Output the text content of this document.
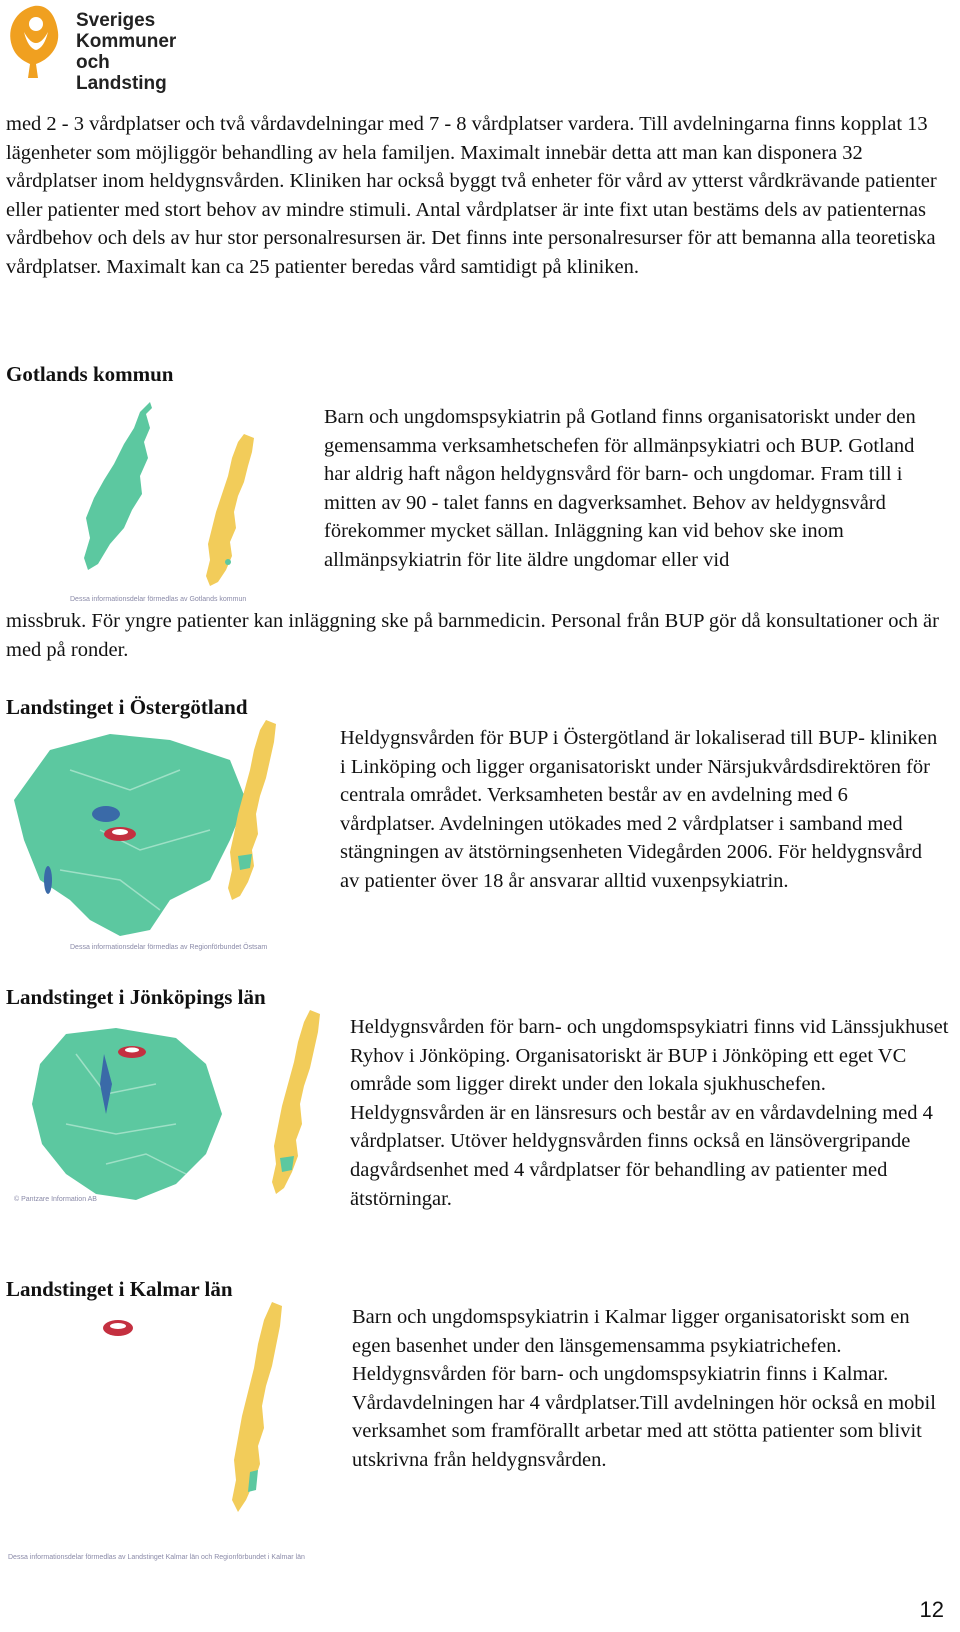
Sveriges
Kommuner
och Landsting

med 2 - 3 vårdplatser och två vårdavdelningar med 7 - 8 vårdplatser vardera. Till avdelningarna finns kopplat 13 lägenheter som möjliggör behandling av hela familjen. Maximalt innebär detta att man kan disponera 32 vårdplatser inom heldygnsvården. Kliniken har också byggt två enheter för vård av ytterst vårdkrävande patienter eller patienter med stort behov av mindre stimuli. Antal vårdplatser är inte fixt utan bestäms dels av patienternas vårdbehov och dels av hur stor personalresursen är. Det finns inte personalresurser för att bemanna alla teoretiska vårdplatser. Maximalt kan ca 25 patienter beredas vård samtidigt på kliniken.

Gotlands kommun
Dessa informationsdelar förmedlas av Gotlands kommun

Barn och ungdomspsykiatrin på Gotland finns organisatoriskt under den gemensamma verksamhetschefen för allmänpsykiatri och BUP. Gotland har aldrig haft någon heldygnsvård för barn- och ungdomar. Fram till i mitten av 90 - talet fanns en dagverksamhet. Behov av heldygnsvård förekommer mycket sällan. Inläggning kan vid behov ske inom allmänpsykiatrin för lite äldre ungdomar eller vid

missbruk. För yngre patienter kan inläggning ske på barnmedicin. Personal från BUP gör då konsultationer och är med på ronder.

Landstinget i Östergötland
Dessa informationsdelar förmedlas av Regionförbundet Östsam

Heldygnsvården för BUP i Östergötland är lokaliserad till BUP- kliniken i Linköping och ligger organisatoriskt under Närsjukvårdsdirektören för centrala området. Verksamheten består av en avdelning med 6 vårdplatser. Avdelningen utökades med 2 vårdplatser i samband med stängningen av ätstörningsenheten Videgården 2006. För heldygnsvård av patienter över 18 år ansvarar alltid vuxenpsykiatrin.

Landstinget i Jönköpings län
© Pantzare Information AB

Heldygnsvården för barn- och ungdomspsykiatri finns vid Länssjukhuset Ryhov i Jönköping. Organisatoriskt är BUP i Jönköping ett eget VC område som ligger direkt under den lokala sjukhuschefen. Heldygnsvården är en länsresurs och består av en vårdavdelning med 4 vårdplatser. Utöver heldygnsvården finns också en länsövergripande dagvårdsenhet med 4 vårdplatser för behandling av patienter med ätstörningar.

Landstinget i Kalmar län
Dessa informationsdelar förmedlas av Landstinget Kalmar län och Regionförbundet i Kalmar län

Barn och ungdomspsykiatrin i Kalmar ligger organisatoriskt som en egen basenhet under den länsgemensamma psykiatrichefen. Heldygnsvården för barn- och ungdomspsykiatrin finns i Kalmar. Vårdavdelningen har 4 vårdplatser.Till avdelningen hör också en mobil verksamhet som framförallt arbetar med att stötta patienter som blivit utskrivna från heldygnsvården.

12
